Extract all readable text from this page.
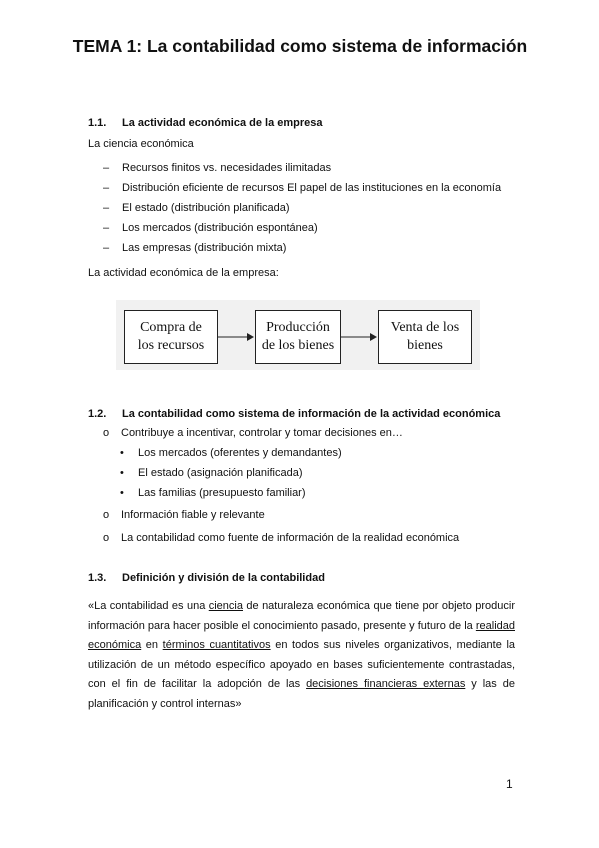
TEMA 1: La contabilidad como sistema de información
1.1. La actividad económica de la empresa
La ciencia económica
– Recursos finitos vs. necesidades ilimitadas
– Distribución eficiente de recursos El papel de las instituciones en la economía
– El estado (distribución planificada)
– Los mercados (distribución espontánea)
– Las empresas (distribución mixta)
La actividad económica de la empresa:
Compra de
los recursos
Producción
de los bienes
Venta de los
bienes
1.2. La contabilidad como sistema de información de la actividad económica
o Contribuye a incentivar, controlar y tomar decisiones en…
• Los mercados (oferentes y demandantes)
• El estado (asignación planificada)
• Las familias (presupuesto familiar)
o Información fiable y relevante
o La contabilidad como fuente de información de la realidad económica
1.3. Definición y división de la contabilidad
«La contabilidad es una ciencia de naturaleza económica que tiene por objeto producir información para hacer posible el conocimiento pasado, presente y futuro de la realidad económica en términos cuantitativos en todos sus niveles organizativos, mediante la utilización de un método específico apoyado en bases suficientemente contrastadas, con el fin de facilitar la adopción de las decisiones financieras externas y las de planificación y control internas»
1
